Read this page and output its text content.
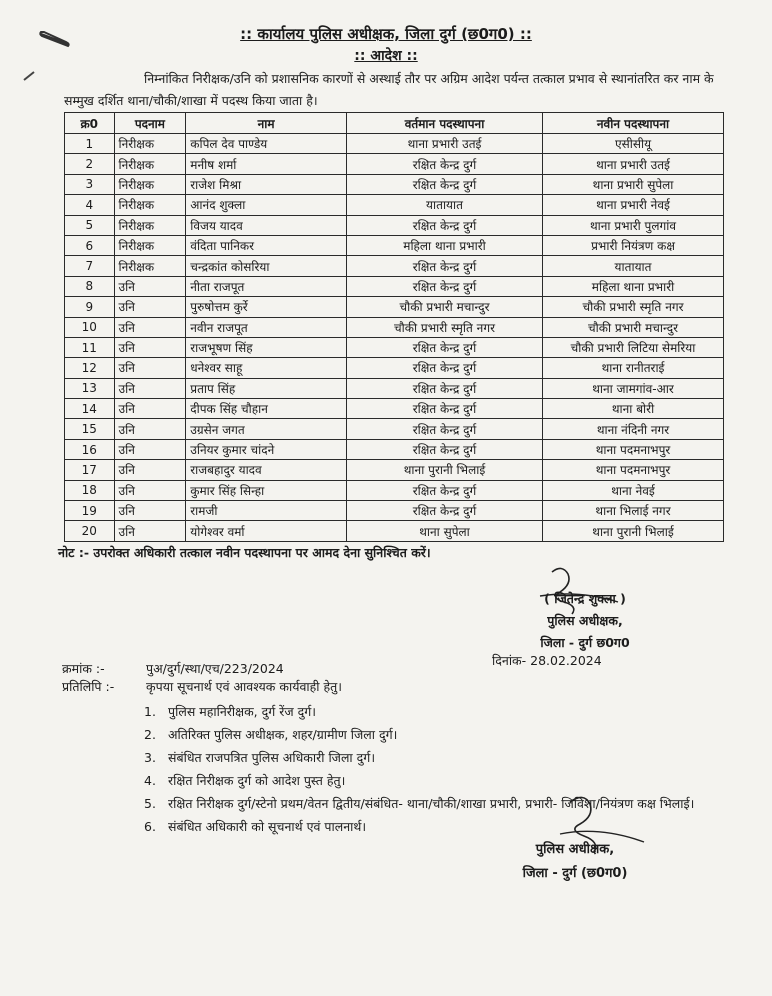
:: कार्यालय पुलिस अधीक्षक, जिला दुर्ग (छ0ग0) ::
:: आदेश ::
निम्नांकित निरीक्षक/उनि को प्रशासनिक कारणों से अस्थाई तौर पर अग्रिम आदेश पर्यन्त तत्काल प्रभाव से स्थानांतरित कर नाम के सम्मुख दर्शित थाना/चौकी/शाखा में पदस्थ किया जाता है।
क्र0	पदनाम	नाम	वर्तमान पदस्थापना	नवीन पदस्थापना
1	निरीक्षक	कपिल देव पाण्डेय	थाना प्रभारी उतई	एसीसीयू
2	निरीक्षक	मनीष शर्मा	रक्षित केन्द्र दुर्ग	थाना प्रभारी उतई
3	निरीक्षक	राजेश मिश्रा	रक्षित केन्द्र दुर्ग	थाना प्रभारी सुपेला
4	निरीक्षक	आनंद शुक्ला	यातायात	थाना प्रभारी नेवई
5	निरीक्षक	विजय यादव	रक्षित केन्द्र दुर्ग	थाना प्रभारी पुलगांव
6	निरीक्षक	वंदिता पानिकर	महिला थाना प्रभारी	प्रभारी नियंत्रण कक्ष
7	निरीक्षक	चन्द्रकांत कोसरिया	रक्षित केन्द्र दुर्ग	यातायात
8	उनि	नीता राजपूत	रक्षित केन्द्र दुर्ग	महिला थाना प्रभारी
9	उनि	पुरुषोत्तम कुर्रे	चौकी प्रभारी मचान्दुर	चौकी प्रभारी स्मृति नगर
10	उनि	नवीन राजपूत	चौकी प्रभारी स्मृति नगर	चौकी प्रभारी मचान्दुर
11	उनि	राजभूषण सिंह	रक्षित केन्द्र दुर्ग	चौकी प्रभारी लिटिया सेमरिया
12	उनि	धनेश्वर साहू	रक्षित केन्द्र दुर्ग	थाना रानीतराई
13	उनि	प्रताप सिंह	रक्षित केन्द्र दुर्ग	थाना जामगांव-आर
14	उनि	दीपक सिंह चौहान	रक्षित केन्द्र दुर्ग	थाना बोरी
15	उनि	उग्रसेन जगत	रक्षित केन्द्र दुर्ग	थाना नंदिनी नगर
16	उनि	उनियर कुमार चांदने	रक्षित केन्द्र दुर्ग	थाना पदमनाभपुर
17	उनि	राजबहादुर यादव	थाना पुरानी भिलाई	थाना पदमनाभपुर
18	उनि	कुमार सिंह सिन्हा	रक्षित केन्द्र दुर्ग	थाना नेवई
19	उनि	रामजी	रक्षित केन्द्र दुर्ग	थाना भिलाई नगर
20	उनि	योगेश्वर वर्मा	थाना सुपेला	थाना पुरानी भिलाई
नोट :- उपरोक्त अधिकारी तत्काल नवीन पदस्थापना पर आमद देना सुनिश्चित करें।
( जितेन्द्र शुक्ला )
पुलिस अधीक्षक,
जिला - दुर्ग छ0ग0
क्रमांक :-	पुअ/दुर्ग/स्था/एच/223/2024
दिनांक- 28.02.2024
प्रतिलिपि :-	कृपया सूचनार्थ एवं आवश्यक कार्यवाही हेतु।
1. पुलिस महानिरीक्षक, दुर्ग रेंज दुर्ग।
2. अतिरिक्त पुलिस अधीक्षक, शहर/ग्रामीण जिला दुर्ग।
3. संबंधित राजपत्रित पुलिस अधिकारी जिला दुर्ग।
4. रक्षित निरीक्षक दुर्ग को आदेश पुस्त हेतु।
5. रक्षित निरीक्षक दुर्ग/स्टेनो प्रथम/वेतन द्वितीय/संबंधित- थाना/चौकी/शाखा प्रभारी, प्रभारी- जिविशा/नियंत्रण कक्ष भिलाई।
6. संबंधित अधिकारी को सूचनार्थ एवं पालनार्थ।
पुलिस अधीक्षक,
जिला - दुर्ग (छ0ग0)
